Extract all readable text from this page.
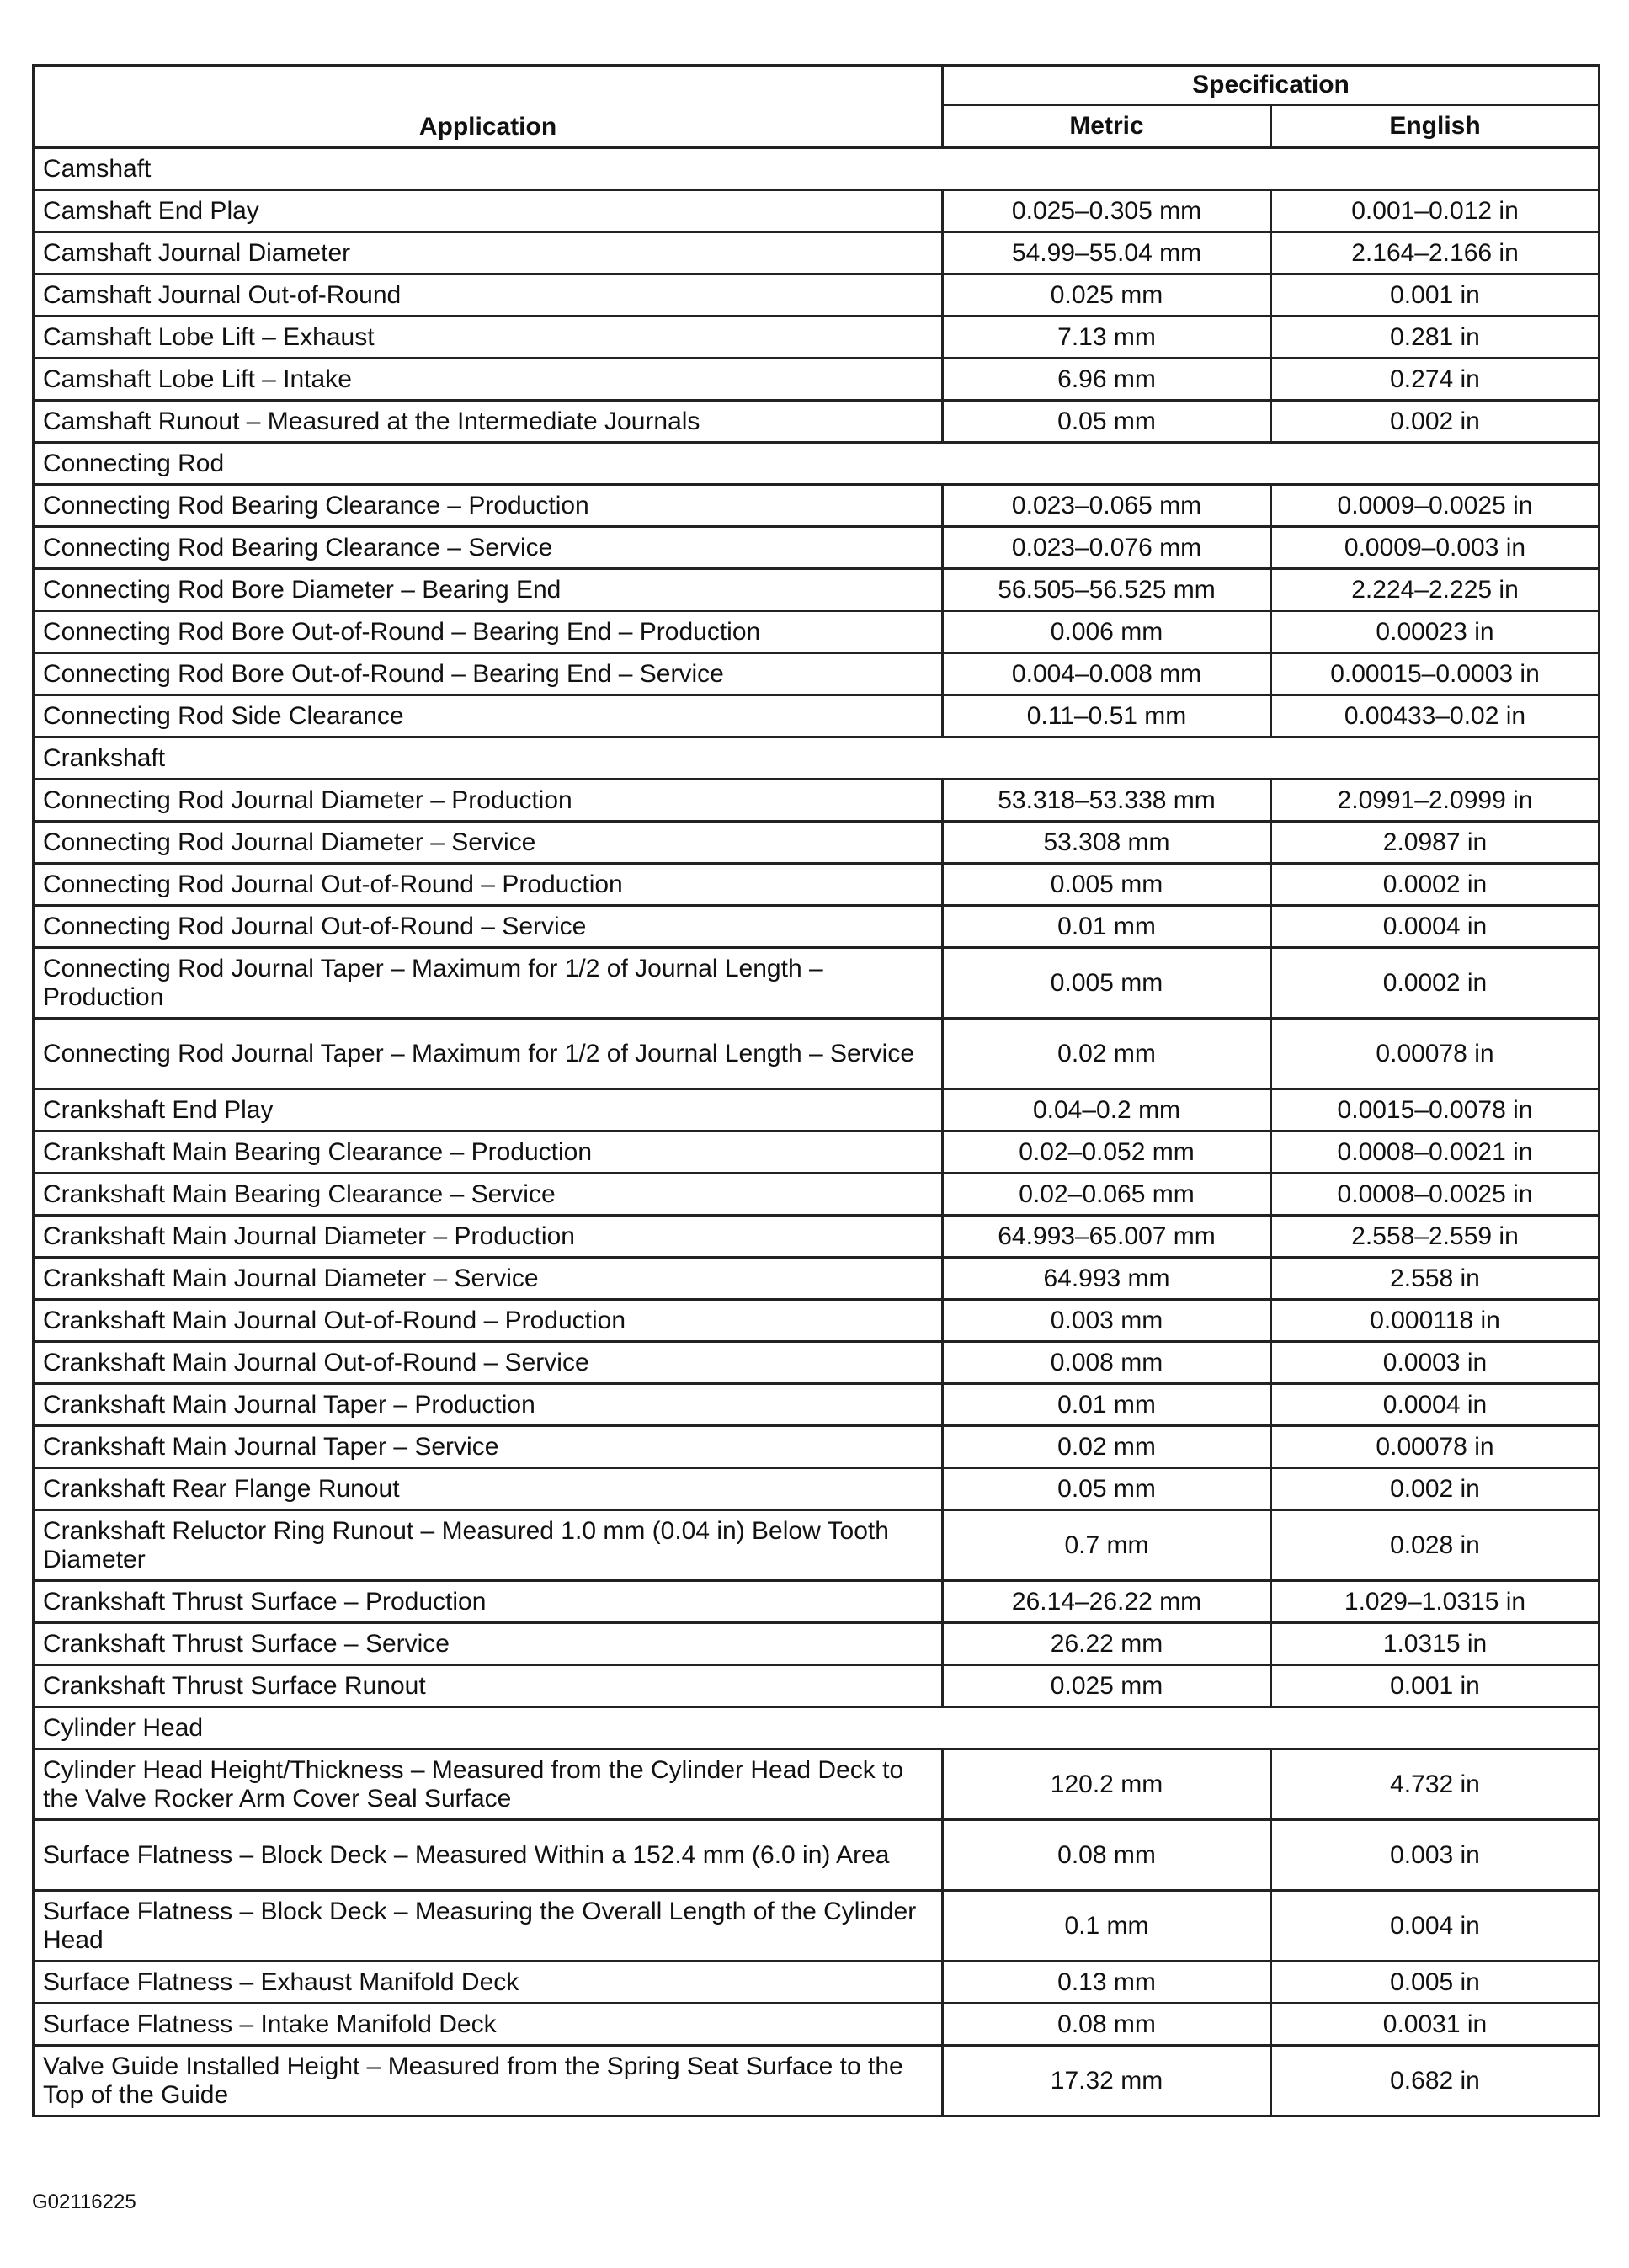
Application	Specification	
	Metric	English
Camshaft		
Camshaft End Play	0.025–0.305 mm	0.001–0.012 in
Camshaft Journal Diameter	54.99–55.04 mm	2.164–2.166 in
Camshaft Journal Out-of-Round	0.025 mm	0.001 in
Camshaft Lobe Lift – Exhaust	7.13 mm	0.281 in
Camshaft Lobe Lift – Intake	6.96 mm	0.274 in
Camshaft Runout – Measured at the Intermediate Journals	0.05 mm	0.002 in
Connecting Rod		
Connecting Rod Bearing Clearance – Production	0.023–0.065 mm	0.0009–0.0025 in
Connecting Rod Bearing Clearance – Service	0.023–0.076 mm	0.0009–0.003 in
Connecting Rod Bore Diameter – Bearing End	56.505–56.525 mm	2.224–2.225 in
Connecting Rod Bore Out-of-Round – Bearing End – Production	0.006 mm	0.00023 in
Connecting Rod Bore Out-of-Round – Bearing End – Service	0.004–0.008 mm	0.00015–0.0003 in
Connecting Rod Side Clearance	0.11–0.51 mm	0.00433–0.02 in
Crankshaft		
Connecting Rod Journal Diameter – Production	53.318–53.338 mm	2.0991–2.0999 in
Connecting Rod Journal Diameter – Service	53.308 mm	2.0987 in
Connecting Rod Journal Out-of-Round – Production	0.005 mm	0.0002 in
Connecting Rod Journal Out-of-Round – Service	0.01 mm	0.0004 in
Connecting Rod Journal Taper – Maximum for 1/2 of Journal Length – Production	0.005 mm	0.0002 in
Connecting Rod Journal Taper – Maximum for 1/2 of Journal Length – Service	0.02 mm	0.00078 in
Crankshaft End Play	0.04–0.2 mm	0.0015–0.0078 in
Crankshaft Main Bearing Clearance – Production	0.02–0.052 mm	0.0008–0.0021 in
Crankshaft Main Bearing Clearance – Service	0.02–0.065 mm	0.0008–0.0025 in
Crankshaft Main Journal Diameter – Production	64.993–65.007 mm	2.558–2.559 in
Crankshaft Main Journal Diameter – Service	64.993 mm	2.558 in
Crankshaft Main Journal Out-of-Round – Production	0.003 mm	0.000118 in
Crankshaft Main Journal Out-of-Round – Service	0.008 mm	0.0003 in
Crankshaft Main Journal Taper – Production	0.01 mm	0.0004 in
Crankshaft Main Journal Taper – Service	0.02 mm	0.00078 in
Crankshaft Rear Flange Runout	0.05 mm	0.002 in
Crankshaft Reluctor Ring Runout – Measured 1.0 mm (0.04 in) Below Tooth Diameter	0.7 mm	0.028 in
Crankshaft Thrust Surface – Production	26.14–26.22 mm	1.029–1.0315 in
Crankshaft Thrust Surface – Service	26.22 mm	1.0315 in
Crankshaft Thrust Surface Runout	0.025 mm	0.001 in
Cylinder Head		
Cylinder Head Height/Thickness – Measured from the Cylinder Head Deck to the Valve Rocker Arm Cover Seal Surface	120.2 mm	4.732 in
Surface Flatness – Block Deck – Measured Within a 152.4 mm (6.0 in) Area	0.08 mm	0.003 in
Surface Flatness – Block Deck – Measuring the Overall Length of the Cylinder Head	0.1 mm	0.004 in
Surface Flatness – Exhaust Manifold Deck	0.13 mm	0.005 in
Surface Flatness – Intake Manifold Deck	0.08 mm	0.0031 in
Valve Guide Installed Height – Measured from the Spring Seat Surface to the Top of the Guide	17.32 mm	0.682 in
G02116225
